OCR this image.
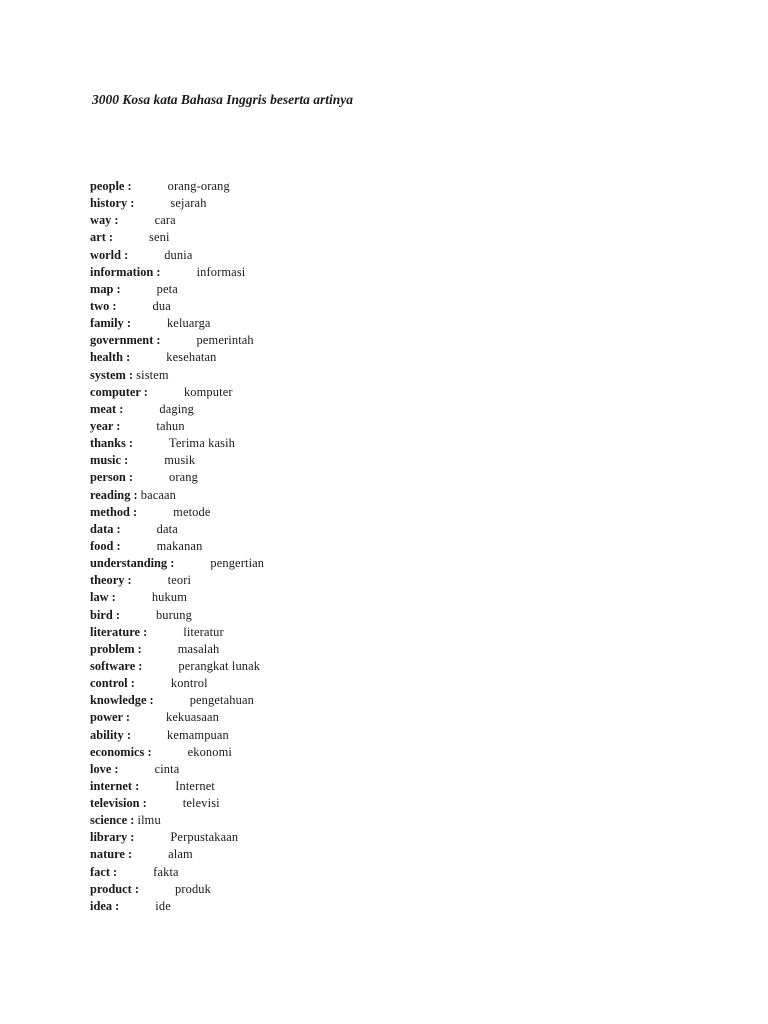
3000 Kosa kata Bahasa Inggris beserta artinya
people :	orang-orang
history :	sejarah
way :	cara
art :	seni
world :	dunia
information :	informasi
map :	peta
two :	dua
family :	keluarga
government :	pemerintah
health :	kesehatan
system : sistem
computer :	komputer
meat :	daging
year :	tahun
thanks :	Terima kasih
music :	musik
person :	orang
reading : bacaan
method :	metode
data :	data
food :	makanan
understanding :	pengertian
theory :	teori
law :	hukum
bird :	burung
literature :	literatur
problem :	masalah
software :	perangkat lunak
control :	kontrol
knowledge :	pengetahuan
power :	kekuasaan
ability :	kemampuan
economics :	ekonomi
love :	cinta
internet :	Internet
television :	televisi
science : ilmu
library :	Perpustakaan
nature :	alam
fact :	fakta
product :	produk
idea :	ide
